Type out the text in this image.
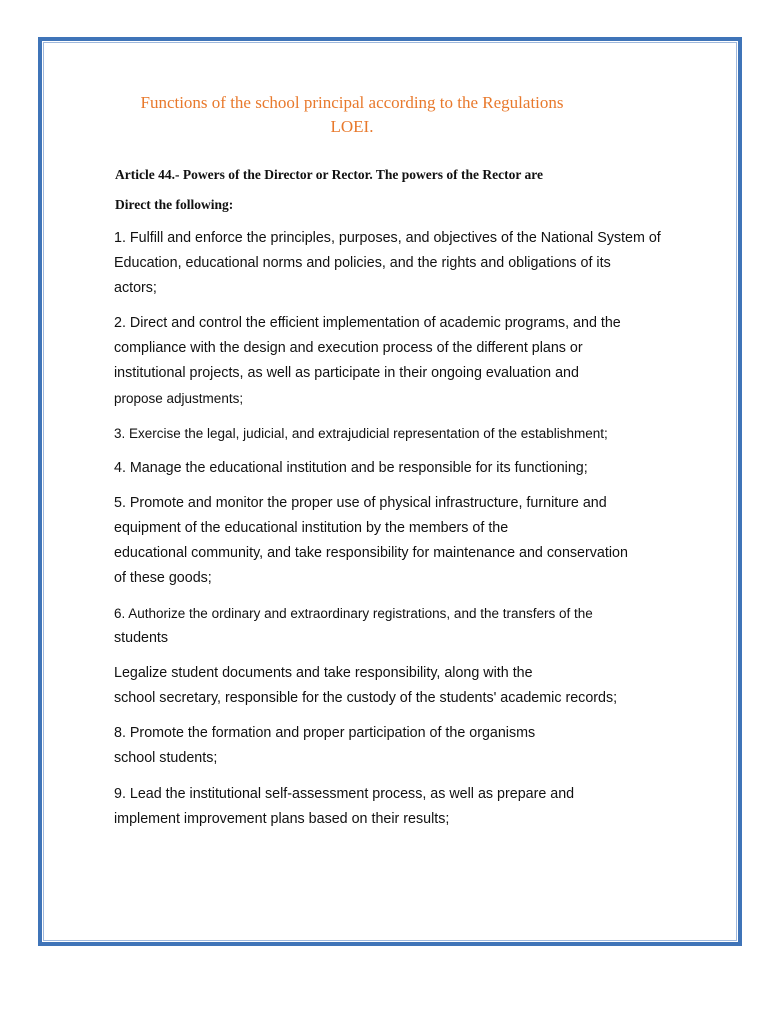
Functions of the school principal according to the Regulations
LOEI.
Article 44.- Powers of the Director or Rector. The powers of the Rector are
Direct the following:
1. Fulfill and enforce the principles, purposes, and objectives of the National System of
Education, educational norms and policies, and the rights and obligations of its
actors;
2. Direct and control the efficient implementation of academic programs, and the
compliance with the design and execution process of the different plans or
institutional projects, as well as participate in their ongoing evaluation and
propose adjustments;
3. Exercise the legal, judicial, and extrajudicial representation of the establishment;
4. Manage the educational institution and be responsible for its functioning;
5. Promote and monitor the proper use of physical infrastructure, furniture and
equipment of the educational institution by the members of the
educational community, and take responsibility for maintenance and conservation
of these goods;
6. Authorize the ordinary and extraordinary registrations, and the transfers of the
students
Legalize student documents and take responsibility, along with the
school secretary, responsible for the custody of the students' academic records;
8. Promote the formation and proper participation of the organisms
school students;
9. Lead the institutional self-assessment process, as well as prepare and
implement improvement plans based on their results;
